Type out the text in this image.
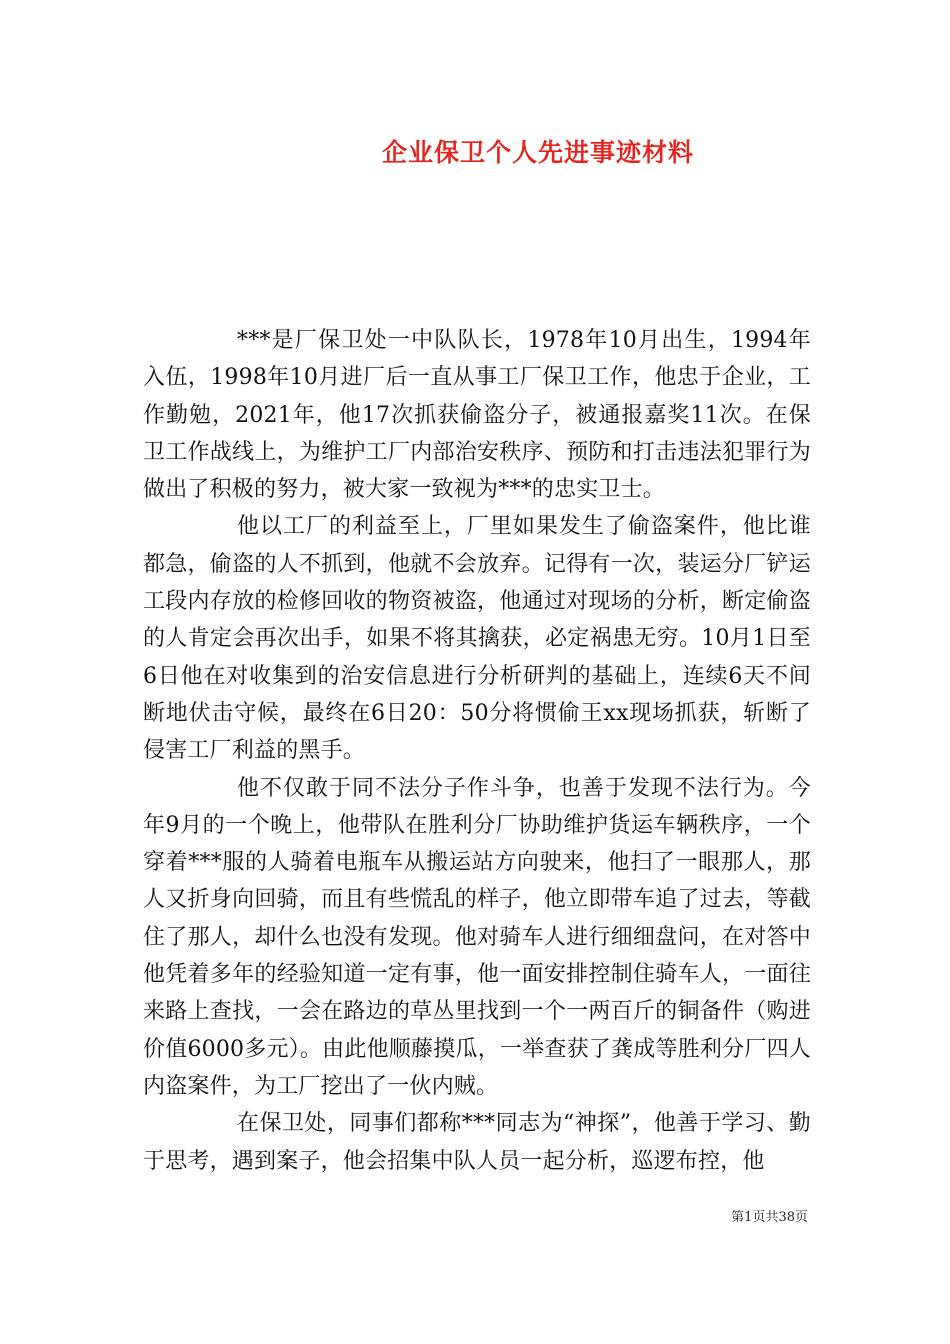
企业保卫个人先进事迹材料

***是厂保卫处一中队队长，1978年10月出生，1994年入伍，1998年10月进厂后一直从事工厂保卫工作，他忠于企业，工作勤勉，2021年，他17次抓获偷盗分子，被通报嘉奖11次。在保卫工作战线上，为维护工厂内部治安秩序、预防和打击违法犯罪行为做出了积极的努力，被大家一致视为***的忠实卫士。

他以工厂的利益至上，厂里如果发生了偷盗案件，他比谁都急，偷盗的人不抓到，他就不会放弃。记得有一次，装运分厂铲运工段内存放的检修回收的物资被盗，他通过对现场的分析，断定偷盗的人肯定会再次出手，如果不将其擒获，必定祸患无穷。10月1日至6日他在对收集到的治安信息进行分析研判的基础上，连续6天不间断地伏击守候，最终在6日20：50分将惯偷王xx现场抓获，斩断了侵害工厂利益的黑手。

他不仅敢于同不法分子作斗争，也善于发现不法行为。今年9月的一个晚上，他带队在胜利分厂协助维护货运车辆秩序，一个穿着***服的人骑着电瓶车从搬运站方向驶来，他扫了一眼那人，那人又折身向回骑，而且有些慌乱的样子，他立即带车追了过去，等截住了那人，却什么也没有发现。他对骑车人进行细细盘问，在对答中他凭着多年的经验知道一定有事，他一面安排控制住骑车人，一面往来路上查找，一会在路边的草丛里找到一个一两百斤的铜备件（购进价值6000多元）。由此他顺藤摸瓜，一举查获了龚成等胜利分厂四人内盗案件，为工厂挖出了一伙内贼。

在保卫处，同事们都称***同志为“神探”，他善于学习、勤于思考，遇到案子，他会招集中队人员一起分析，巡逻布控，他

第1页共38页
